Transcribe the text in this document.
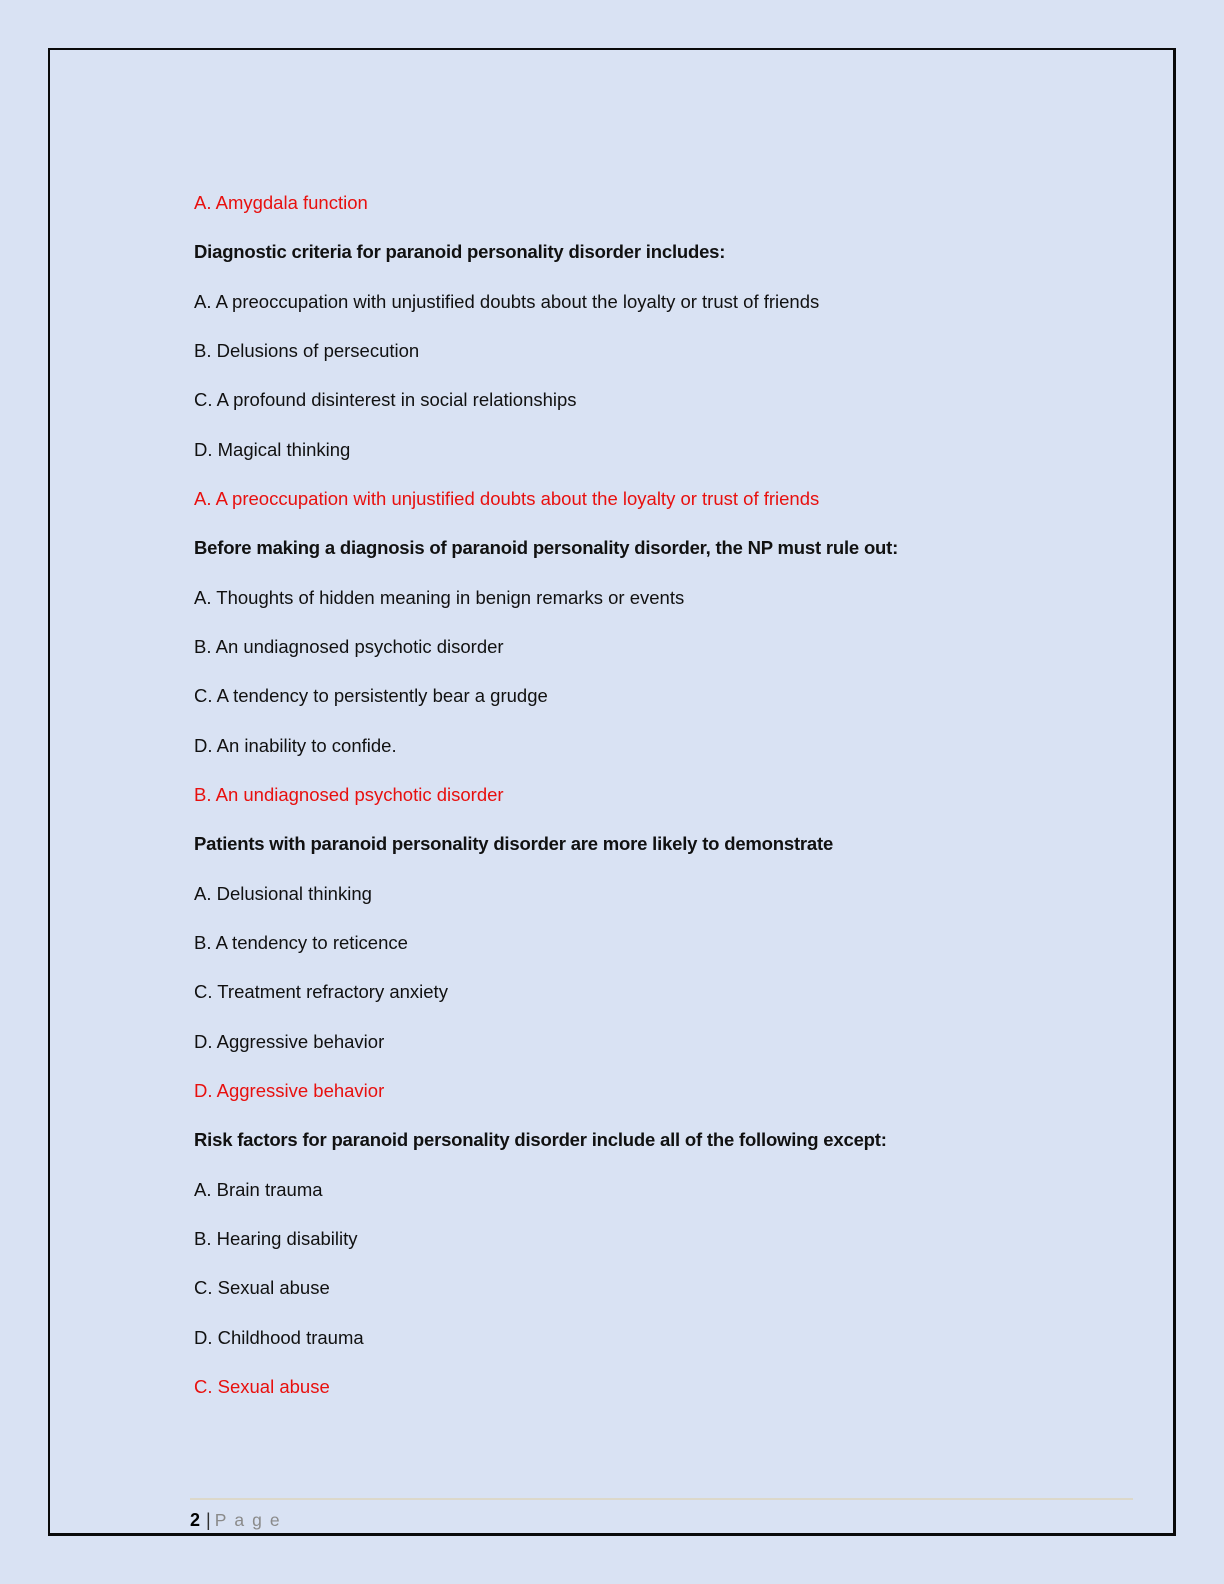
A. Amygdala function

Diagnostic criteria for paranoid personality disorder includes:

A. A preoccupation with unjustified doubts about the loyalty or trust of friends

B. Delusions of persecution

C. A profound disinterest in social relationships

D. Magical thinking

A. A preoccupation with unjustified doubts about the loyalty or trust of friends

Before making a diagnosis of paranoid personality disorder, the NP must rule out:

A. Thoughts of hidden meaning in benign remarks or events

B. An undiagnosed psychotic disorder

C. A tendency to persistently bear a grudge

D. An inability to confide.

B. An undiagnosed psychotic disorder

Patients with paranoid personality disorder are more likely to demonstrate

A. Delusional thinking

B. A tendency to reticence

C. Treatment refractory anxiety

D. Aggressive behavior

D. Aggressive behavior

Risk factors for paranoid personality disorder include all of the following except:

A. Brain trauma

B. Hearing disability

C. Sexual abuse

D. Childhood trauma

C. Sexual abuse

2 | Page
